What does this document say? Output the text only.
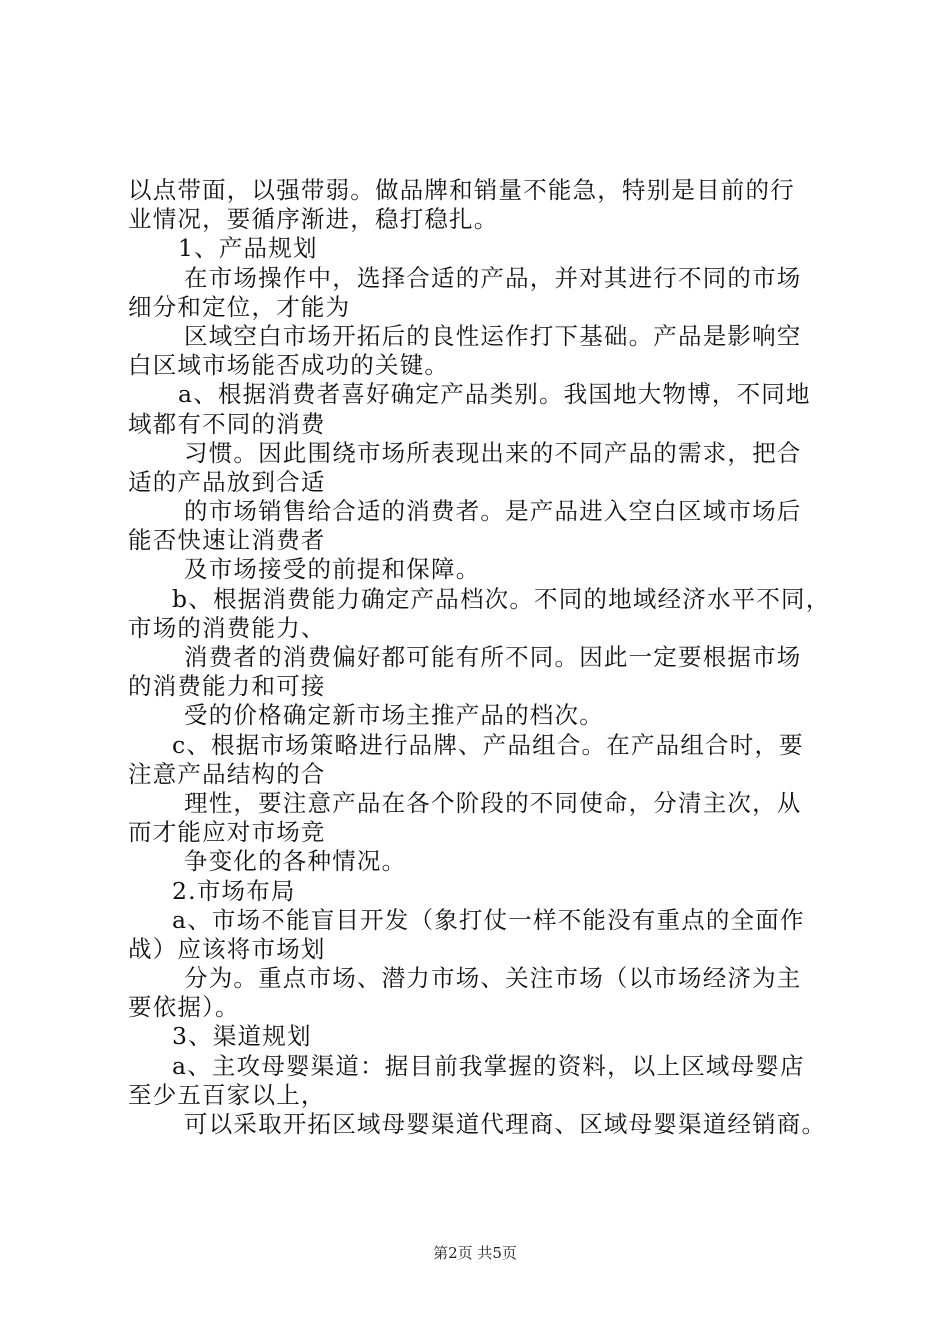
以点带面，以强带弱。做品牌和销量不能急，特别是目前的行
业情况，要循序渐进，稳打稳扎。
1、产品规划
在市场操作中，选择合适的产品，并对其进行不同的市场
细分和定位，才能为
区域空白市场开拓后的良性运作打下基础。产品是影响空
白区域市场能否成功的关键。
a、根据消费者喜好确定产品类别。我国地大物博，不同地
域都有不同的消费
习惯。因此围绕市场所表现出来的不同产品的需求，把合
适的产品放到合适
的市场销售给合适的消费者。是产品进入空白区域市场后
能否快速让消费者
及市场接受的前提和保障。
b、根据消费能力确定产品档次。不同的地域经济水平不同，
市场的消费能力、
消费者的消费偏好都可能有所不同。因此一定要根据市场
的消费能力和可接
受的价格确定新市场主推产品的档次。
c、根据市场策略进行品牌、产品组合。在产品组合时，要
注意产品结构的合
理性，要注意产品在各个阶段的不同使命，分清主次，从
而才能应对市场竞
争变化的各种情况。
2.市场布局
a、市场不能盲目开发（象打仗一样不能没有重点的全面作
战）应该将市场划
分为。重点市场、潜力市场、关注市场（以市场经济为主
要依据）。
3、渠道规划
a、主攻母婴渠道：据目前我掌握的资料，以上区域母婴店
至少五百家以上，
可以采取开拓区域母婴渠道代理商、区域母婴渠道经销商。
第2页 共5页
